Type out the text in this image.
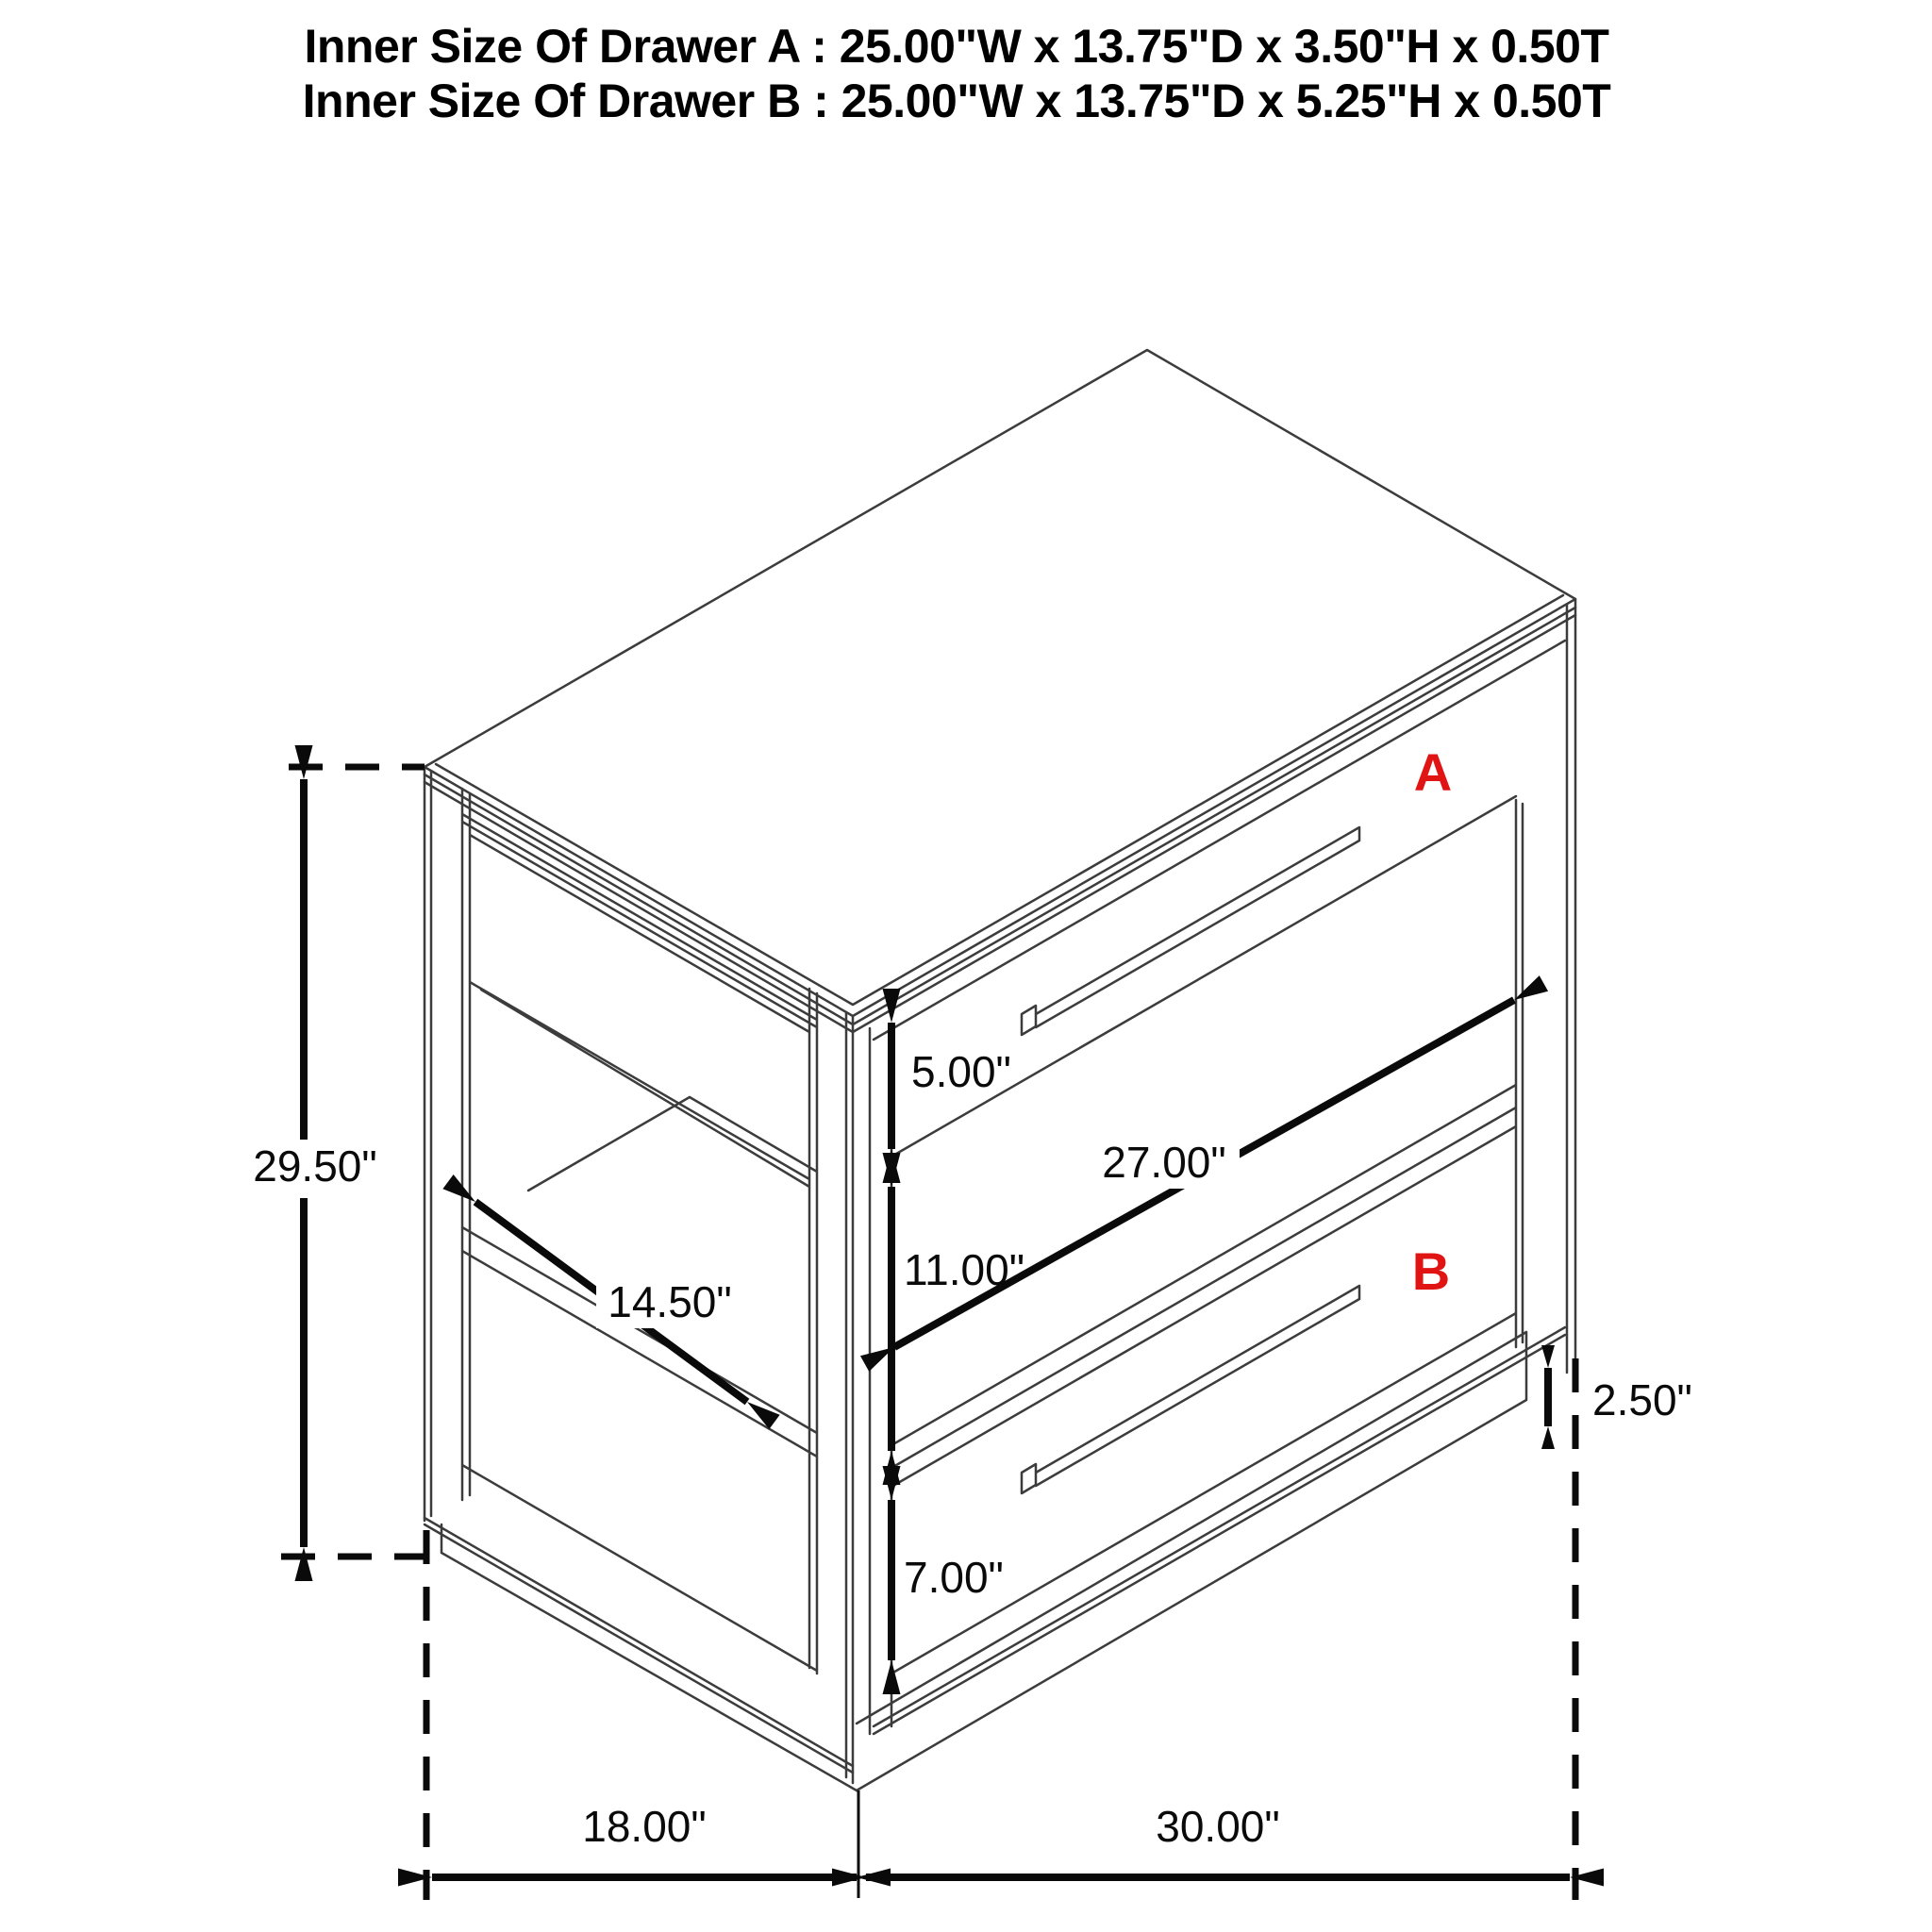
29.50"
5.00"
11.00"
7.00"
2.50"
27.00"
14.50"
18.00"	30.00"
A
B
Inner Size Of Drawer A : 25.00"W x 13.75"D x 3.50"H x 0.50T
Inner Size Of Drawer B : 25.00"W x 13.75"D x 5.25"H x 0.50T
